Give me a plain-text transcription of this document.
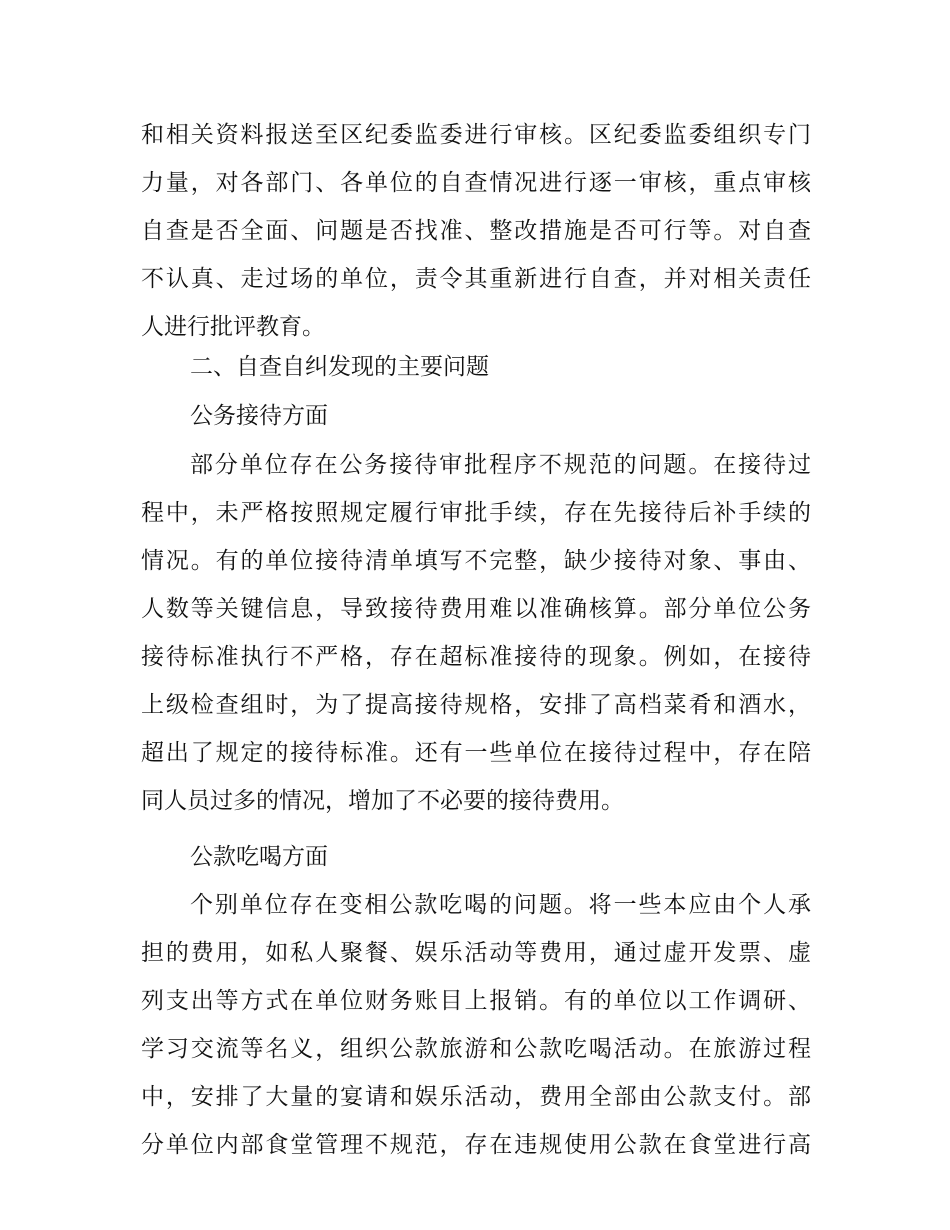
和相关资料报送至区纪委监委进行审核。区纪委监委组织专门
力量，对各部门、各单位的自查情况进行逐一审核，重点审核
自查是否全面、问题是否找准、整改措施是否可行等。对自查
不认真、走过场的单位，责令其重新进行自查，并对相关责任
人进行批评教育。
二、自查自纠发现的主要问题
公务接待方面
部分单位存在公务接待审批程序不规范的问题。在接待过
程中，未严格按照规定履行审批手续，存在先接待后补手续的
情况。有的单位接待清单填写不完整，缺少接待对象、事由、
人数等关键信息，导致接待费用难以准确核算。部分单位公务
接待标准执行不严格，存在超标准接待的现象。例如，在接待
上级检查组时，为了提高接待规格，安排了高档菜肴和酒水，
超出了规定的接待标准。还有一些单位在接待过程中，存在陪
同人员过多的情况，增加了不必要的接待费用。
公款吃喝方面
个别单位存在变相公款吃喝的问题。将一些本应由个人承
担的费用，如私人聚餐、娱乐活动等费用，通过虚开发票、虚
列支出等方式在单位财务账目上报销。有的单位以工作调研、
学习交流等名义，组织公款旅游和公款吃喝活动。在旅游过程
中，安排了大量的宴请和娱乐活动，费用全部由公款支付。部
分单位内部食堂管理不规范，存在违规使用公款在食堂进行高
